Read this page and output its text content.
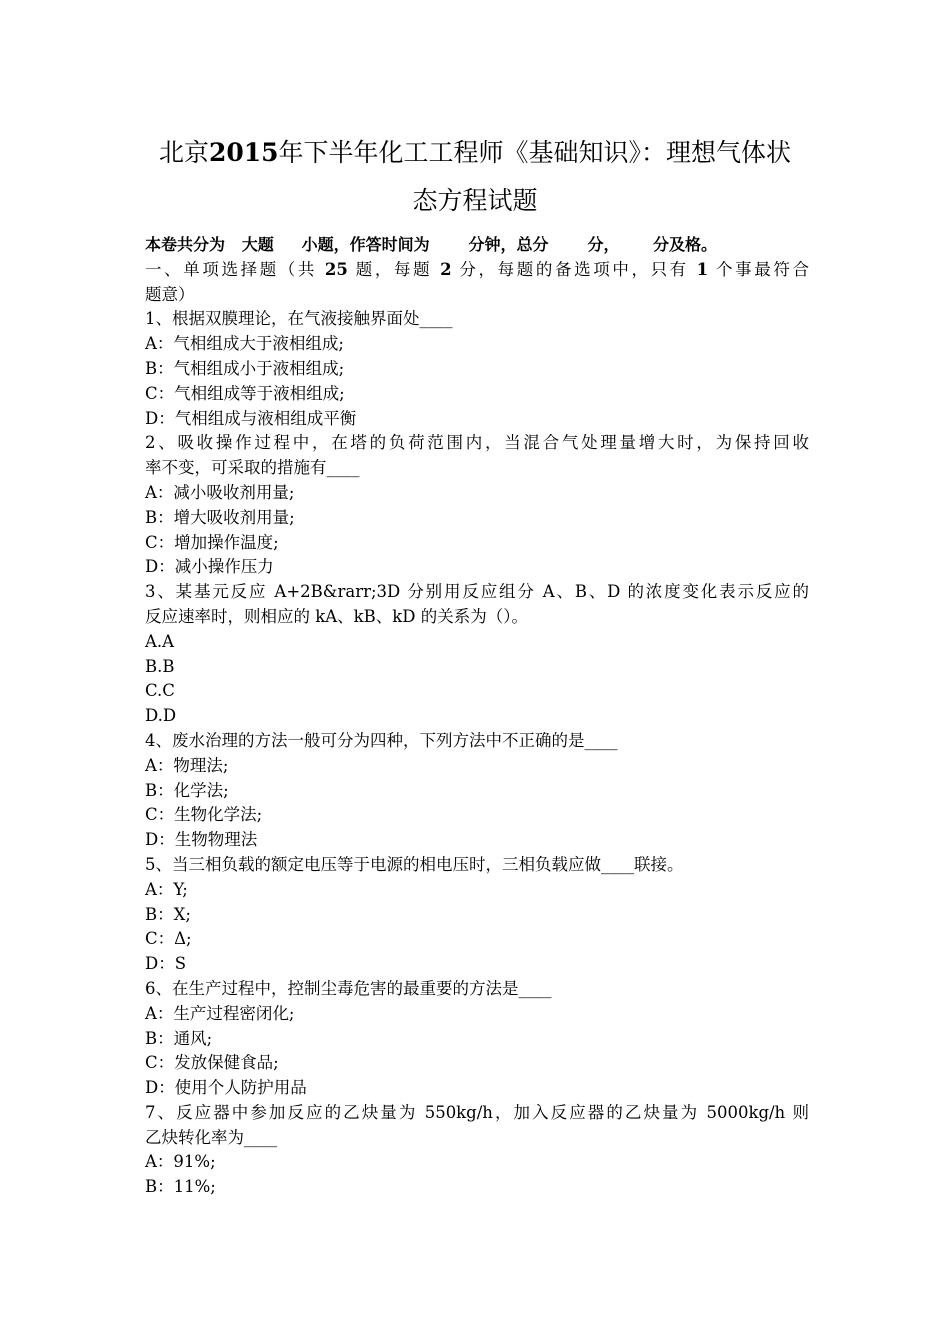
北京2015年下半年化工工程师《基础知识》：理想气体状
态方程试题
本卷共分为   大题     小题，作答时间为       分钟，总分       分，      分及格。
一、单项选择题（共 25 题，每题 2 分，每题的备选项中，只有 1 个事最符合
题意）
1、根据双膜理论，在气液接触界面处____
A：气相组成大于液相组成;
B：气相组成小于液相组成;
C：气相组成等于液相组成;
D：气相组成与液相组成平衡
2、吸收操作过程中，在塔的负荷范围内，当混合气处理量增大时，为保持回收
率不变，可采取的措施有____
A：减小吸收剂用量;
B：增大吸收剂用量;
C：增加操作温度;
D：减小操作压力
3、某基元反应 A+2B&rarr;3D 分别用反应组分 A、B、D 的浓度变化表示反应的
反应速率时，则相应的 kA、kB、kD 的关系为（）。
A.A
B.B
C.C
D.D
4、废水治理的方法一般可分为四种，下列方法中不正确的是____
A：物理法;
B：化学法;
C：生物化学法;
D：生物物理法
5、当三相负载的额定电压等于电源的相电压时，三相负载应做____联接。
A：Y;
B：X;
C：Δ;
D：S
6、在生产过程中，控制尘毒危害的最重要的方法是____
A：生产过程密闭化;
B：通风;
C：发放保健食品;
D：使用个人防护用品
7、反应器中参加反应的乙炔量为 550kg/h，加入反应器的乙炔量为 5000kg/h 则
乙炔转化率为____
A：91%;
B：11%;
